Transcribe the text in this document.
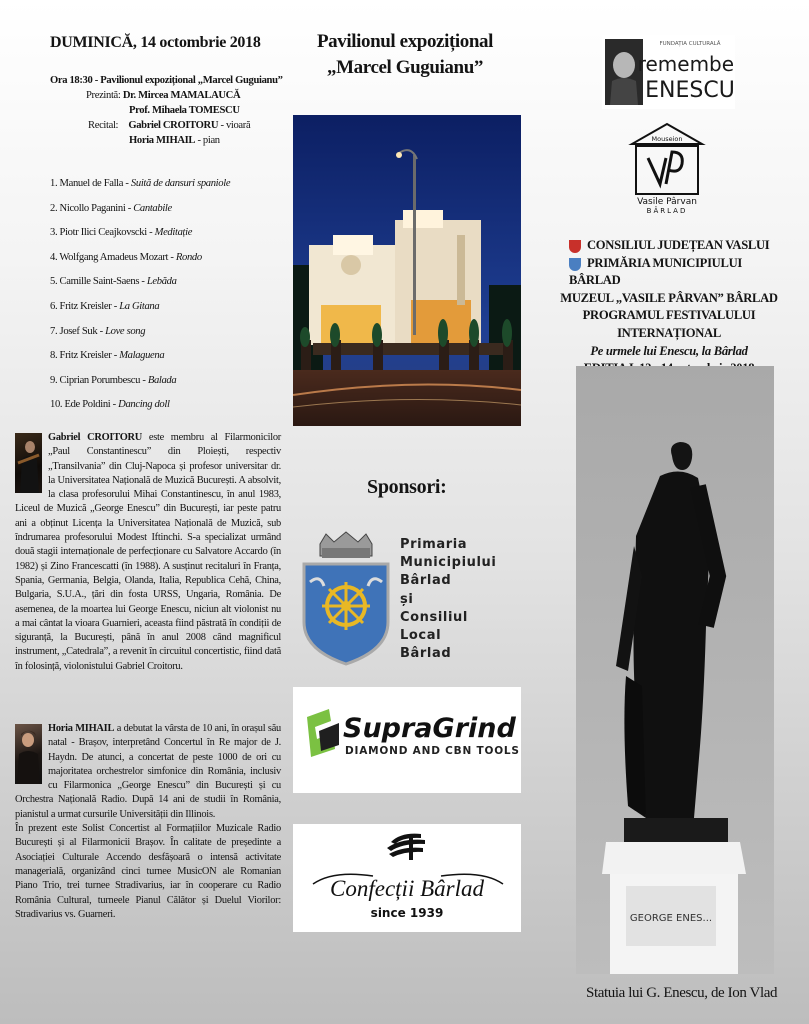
DUMINICĂ, 14 octombrie 2018
Ora 18:30 - Pavilionul expozițional „Marcel Guguianu”
Prezintă: Dr. Mircea MAMALAUCĂ
Prof. Mihaela TOMESCU
Recital: Gabriel CROITORU - vioară
Horia MIHAIL - pian
1. Manuel de Falla - Suită de dansuri spaniole
2. Nicollo Paganini - Cantabile
3. Piotr Ilici Ceajkovscki - Meditație
4. Wolfgang Amadeus Mozart - Rondo
5. Camille Saint-Saens - Lebăda
6. Fritz Kreisler - La Gitana
7. Josef Suk - Love song
8. Fritz Kreisler - Malaguena
9. Ciprian Porumbescu - Balada
10. Ede Poldini - Dancing doll
Gabriel CROITORU este membru al Filarmonicilor „Paul Constantinescu” din Ploiești, respectiv „Transilvania” din Cluj-Napoca și profesor universitar dr. la Universitatea Națională de Muzică București. A absolvit, la clasa profesorului Mihai Constantinescu, în anul 1983, Liceul de Muzică „George Enescu” din București, iar peste patru ani a obținut Licența la Universitatea Națională de Muzică, sub îndrumarea profesorului Modest Iftinchi. S-a specializat urmând două stagii internaționale de perfecționare cu Salvatore Accardo (în 1982) și Zino Francescatti (în 1988). A susținut recitaluri în Franța, Spania, Germania, Belgia, Olanda, Italia, Republica Cehă, China, Bulgaria, S.U.A., țări din fosta URSS, Ungaria, România. De asemenea, de la moartea lui George Enescu, niciun alt violonist nu a mai cântat la vioara Guarnieri, aceasta fiind păstrată în condiții de siguranță, la București, până în anul 2008 când magnificul instrument, „Catedrala”, a revenit în circuitul concertistic, fiind dată în folosință, violonistului Gabriel Croitoru.
Horia MIHAIL a debutat la vârsta de 10 ani, în orașul său natal - Brașov, interpretând Concertul în Re major de J. Haydn. De atunci, a concertat de peste 1000 de ori cu majoritatea orchestrelor simfonice din România, inclusiv cu Filarmonica „George Enescu” din București și cu Orchestra Națională Radio. După 14 ani de studii în România, pianistul a urmat cursurile Universității din Illinois.
În prezent este Solist Concertist al Formațiilor Muzicale Radio București și al Filarmonicii Brașov. În calitate de președinte a Asociației Culturale Accendo desfășoară o intensă activitate managerială, organizând cinci turnee MusicON ale Romanian Piano Trio, trei turnee Stradivarius, iar în cooperare cu Radio România Cultural, turneele Pianul Călător și Duelul Viorilor: Stradivarius vs. Guarneri.
Pavilionul expozițional
„Marcel Guguianu”
Sponsori:
Primaria
Municipiului
Bârlad
și
Consiliul
Local
Bârlad
SupraGrind
DIAMOND AND CBN TOOLS
Confecții Bârlad
since 1939
FUNDAȚIA CULTURALĂ
remember
ENESCU
Mouseion
Vasile Pârvan
BÂRLAD
CONSILIUL JUDEȚEAN VASLUI
PRIMĂRIA MUNICIPIULUI BÂRLAD
MUZEUL „VASILE PÂRVAN” BÂRLAD
PROGRAMUL FESTIVALULUI INTERNAȚIONAL
Pe urmele lui Enescu, la Bârlad
GEORGE ENES...
Statuia lui G. Enescu, de Ion Vlad
